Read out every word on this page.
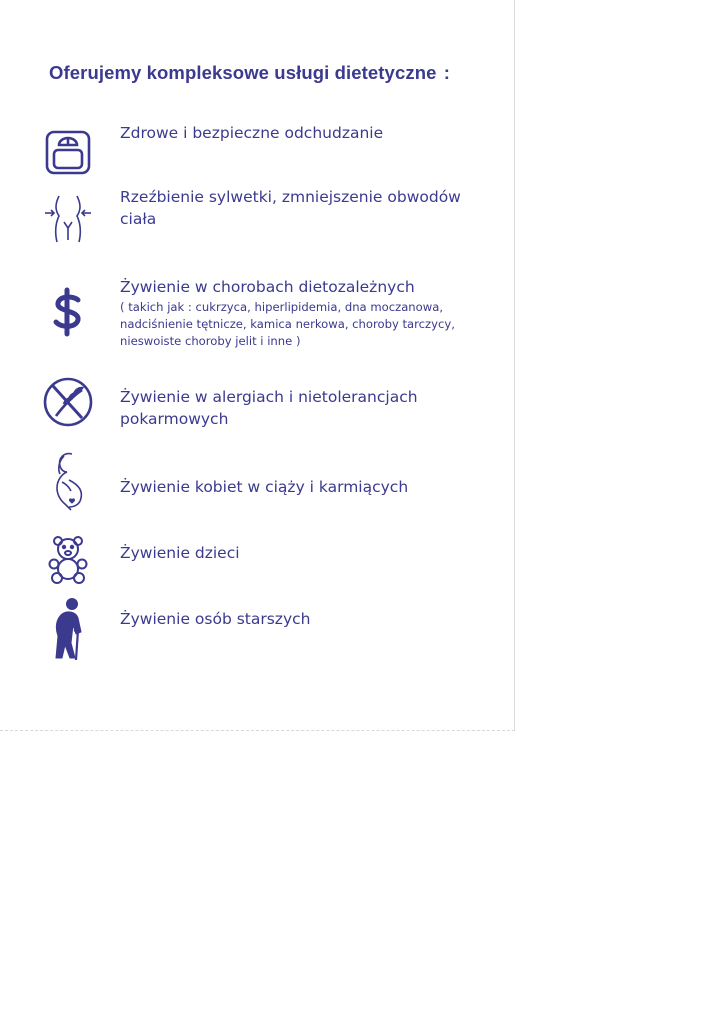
Oferujemy kompleksowe usługi dietetyczne :
Zdrowe i bezpieczne odchudzanie
Rzeźbienie sylwetki, zmniejszenie obwodów ciała
Żywienie w chorobach dietozależnych
( takich jak : cukrzyca, hiperlipidemia, dna moczanowa, nadciśnienie tętnicze, kamica nerkowa, choroby tarczycy, nieswoiste choroby jelit i inne )
Żywienie w alergiach i nietolerancjach pokarmowych
Żywienie kobiet w ciąży i karmiących
Żywienie dzieci
Żywienie osób starszych
